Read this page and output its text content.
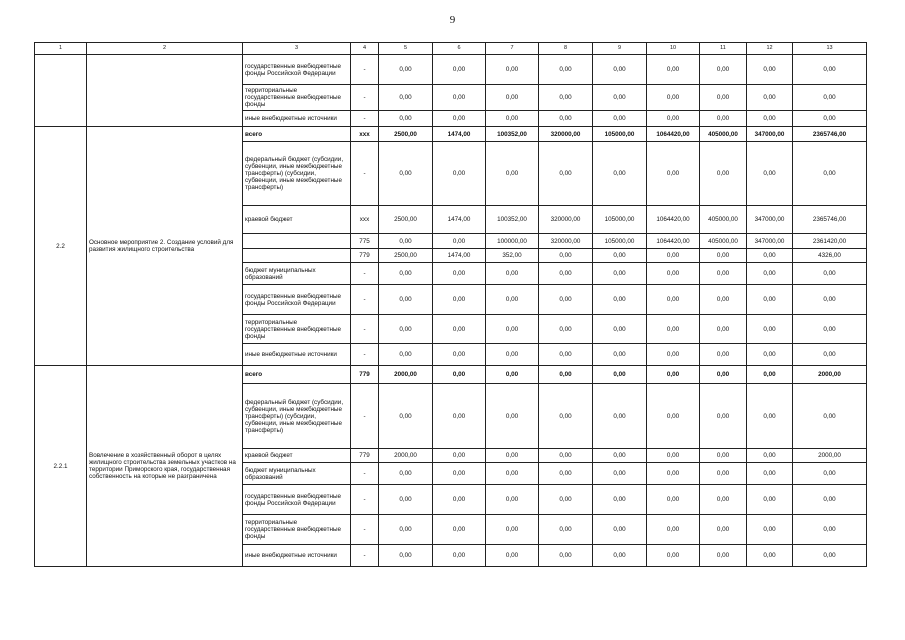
9
1	2	3	4	5	6	7	8	9	10	11	12	13
		государственные внебюджетные фонды Российской Федерации	-	0,00	0,00	0,00	0,00	0,00	0,00	0,00	0,00	0,00
		территориальные государственные внебюджетные фонды	-	0,00	0,00	0,00	0,00	0,00	0,00	0,00	0,00	0,00
		иные внебюджетные источники	-	0,00	0,00	0,00	0,00	0,00	0,00	0,00	0,00	0,00
2.2	Основное мероприятие 2. Создание условий для развития жилищного строительства	всего	xxx	2500,00	1474,00	100352,00	320000,00	105000,00	1064420,00	405000,00	347000,00	2365746,00
		федеральный бюджет (субсидии, субвенции, иные межбюджетные трансферты) (субсидии, субвенции, иные межбюджетные трансферты)	-	0,00	0,00	0,00	0,00	0,00	0,00	0,00	0,00	0,00
		краевой бюджет	xxx	2500,00	1474,00	100352,00	320000,00	105000,00	1064420,00	405000,00	347000,00	2365746,00
			775	0,00	0,00	100000,00	320000,00	105000,00	1064420,00	405000,00	347000,00	2361420,00
			779	2500,00	1474,00	352,00	0,00	0,00	0,00	0,00	0,00	4326,00
		бюджет муниципальных образований	-	0,00	0,00	0,00	0,00	0,00	0,00	0,00	0,00	0,00
		государственные внебюджетные фонды Российской Федерации	-	0,00	0,00	0,00	0,00	0,00	0,00	0,00	0,00	0,00
		территориальные государственные внебюджетные фонды	-	0,00	0,00	0,00	0,00	0,00	0,00	0,00	0,00	0,00
		иные внебюджетные источники	-	0,00	0,00	0,00	0,00	0,00	0,00	0,00	0,00	0,00
2.2.1	Вовлечение в хозяйственный оборот в целях жилищного строительства земельных участков на территории Приморского края, государственная собственность на которые не разграничена	всего	779	2000,00	0,00	0,00	0,00	0,00	0,00	0,00	0,00	2000,00
		федеральный бюджет (субсидии, субвенции, иные межбюджетные трансферты) (субсидии, субвенции, иные межбюджетные трансферты)	-	0,00	0,00	0,00	0,00	0,00	0,00	0,00	0,00	0,00
		краевой бюджет	779	2000,00	0,00	0,00	0,00	0,00	0,00	0,00	0,00	2000,00
		бюджет муниципальных образований	-	0,00	0,00	0,00	0,00	0,00	0,00	0,00	0,00	0,00
		государственные внебюджетные фонды Российской Федерации	-	0,00	0,00	0,00	0,00	0,00	0,00	0,00	0,00	0,00
		территориальные государственные внебюджетные фонды	-	0,00	0,00	0,00	0,00	0,00	0,00	0,00	0,00	0,00
		иные внебюджетные источники	-	0,00	0,00	0,00	0,00	0,00	0,00	0,00	0,00	0,00
